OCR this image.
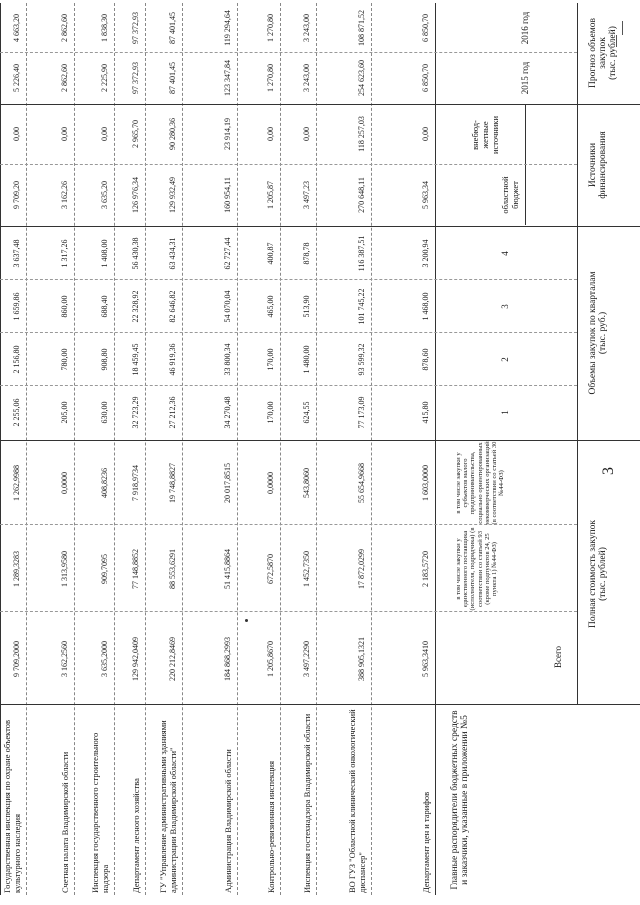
3
Департамент цен и тарифов
5 963,3410
2 183,5720
1 603,0000
415,80
878,60
1 468,00
3 200,94
5 963,34
0,00
6 850,70
6 850,70
ВО ГУЗ "Областной клинический онкологический диспансер"
388 905,1321
17 872,0299
55 654,9668
77 173,09
93 599,32
101 745,22
116 387,51
270 648,11
118 257,03
254 623,60
108 871,52
Инспекция гостехнадзора Владимирской области
3 497,2290
1 452,7350
543,8060
624,55
1 480,00
513,90
878,78
3 497,23
0,00
3 243,00
3 243,00
Контрольно-ревизионная инспекция
1 205,8670
672,5870
0,0000
170,00
170,00
465,00
400,87
1 205,87
0,00
1 270,80
1 270,80
Администрация Владимирской области
184 868,2993
51 415,8864
20 017,8515
34 270,48
33 800,34
54 070,04
62 727,44
160 954,11
23 914,19
123 347,84
119 294,64
ГУ "Управление административными зданиями администрации Владимирской области"
220 212,8469
88 553,6291
19 748,8827
27 212,36
46 919,36
82 646,82
63 434,31
129 932,49
90 280,36
87 401,45
87 401,45
Департамент лесного хозяйства
129 942,0409
77 148,8852
7 918,9734
32 723,29
18 459,45
22 328,92
56 430,38
126 976,34
2 965,70
97 372,93
97 372,93
Инспекция государственного строительного надзора
3 635,2000
909,7095
408,8236
630,00
908,80
688,40
1 408,00
3 635,20
0,00
2 225,90
1 838,30
Счетная палата Владимирской области
3 162,2560
1 313,9580
0,0000
205,00
780,00
860,00
1 317,26
3 162,26
0,00
2 862,60
2 862,60
Государственная инспекция по охране объектов культурного наследия
9 709,2000
1 289,3283
1 262,9988
2 255,06
2 156,80
1 659,86
3 637,48
9 709,20
0,00
5 226,40
4 663,20
Главные распорядители бюджетных средств и заказчики, указанные в приложении №5
Полная стоимость закупок
(тыс. рублей)
Всего
в том числе закупки у единственного поставщика (исполнителя, подрядчика) (в соответствии со статьей 93 (кроме подпунктов 24, 25 пункта 1) №44-ФЗ)
в том числе закупки у субъектов малого предпринимательства, социально ориентированных некоммерческих организаций (в соответствии со статьей 30 №44-ФЗ)
Объемы закупок по кварталам
(тыс. руб.)
1
2
3
4
Источники
финансирования
областной
бюджет
внебюд-
жетные
источники
Прогноз объемов
закупок
(тыс. рублей)
2015 год
2016 год
